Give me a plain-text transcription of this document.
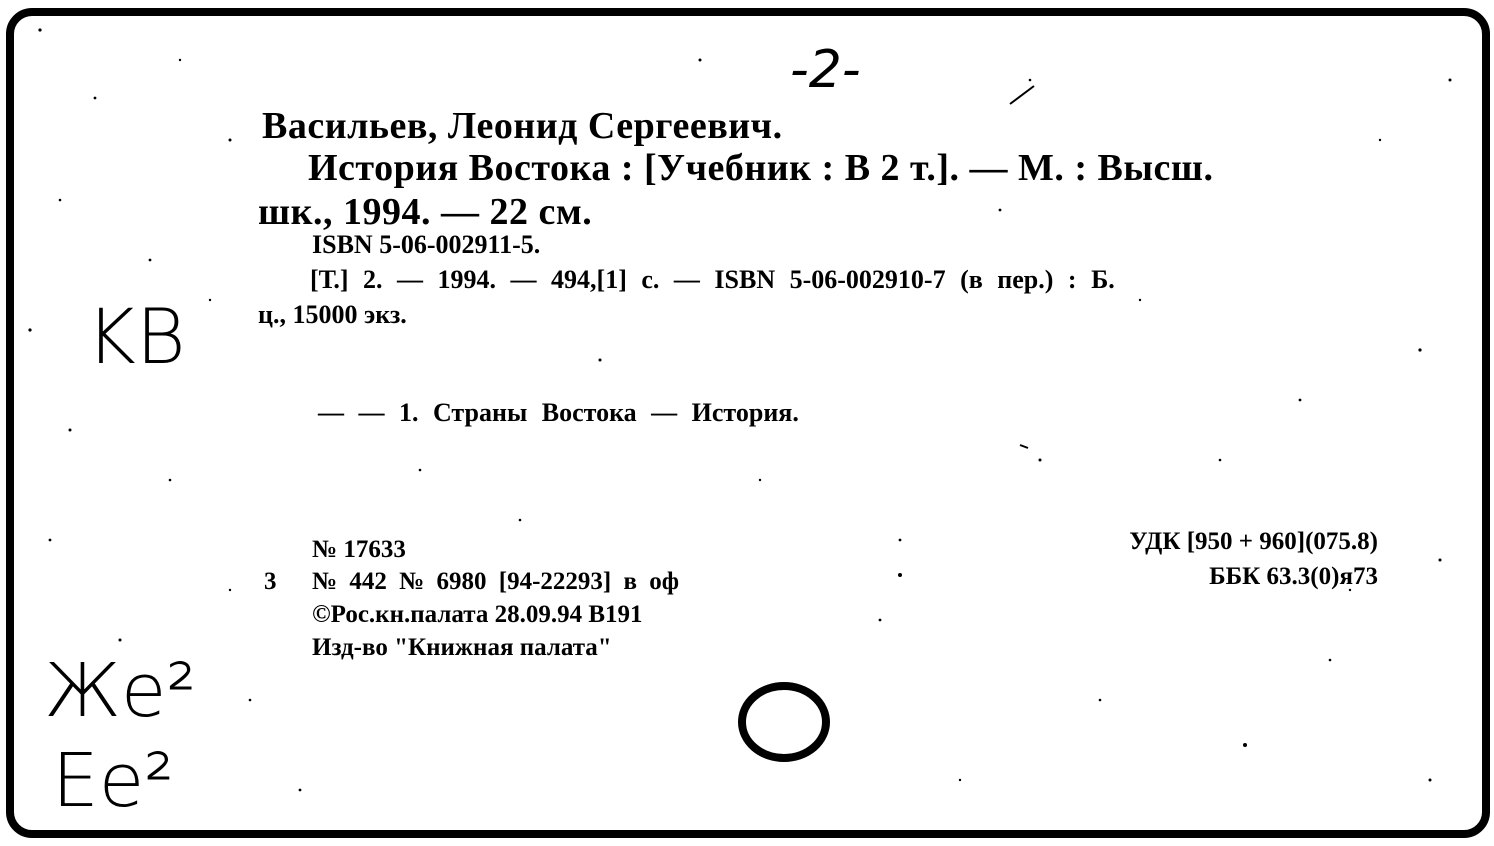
-2-
Васильев, Леонид Сергеевич.
История Востока : [Учебник : В 2 т.]. — М. : Высш.
шк., 1994. — 22 см.
ISBN 5-06-002911-5.
[Т.] 2. — 1994. — 494,[1] с. — ISBN 5-06-002910-7 (в пер.) : Б.
ц., 15000 экз.
KB
— — 1. Страны Востока — История.
№ 17633
3 № 442 № 6980 [94-22293] в оф
©Рос.кн.палата 28.09.94 В191
Изд-во "Книжная палата"
УДК [950 + 960](075.8)
ББК 63.3(0)я73
Же²
Ее²
